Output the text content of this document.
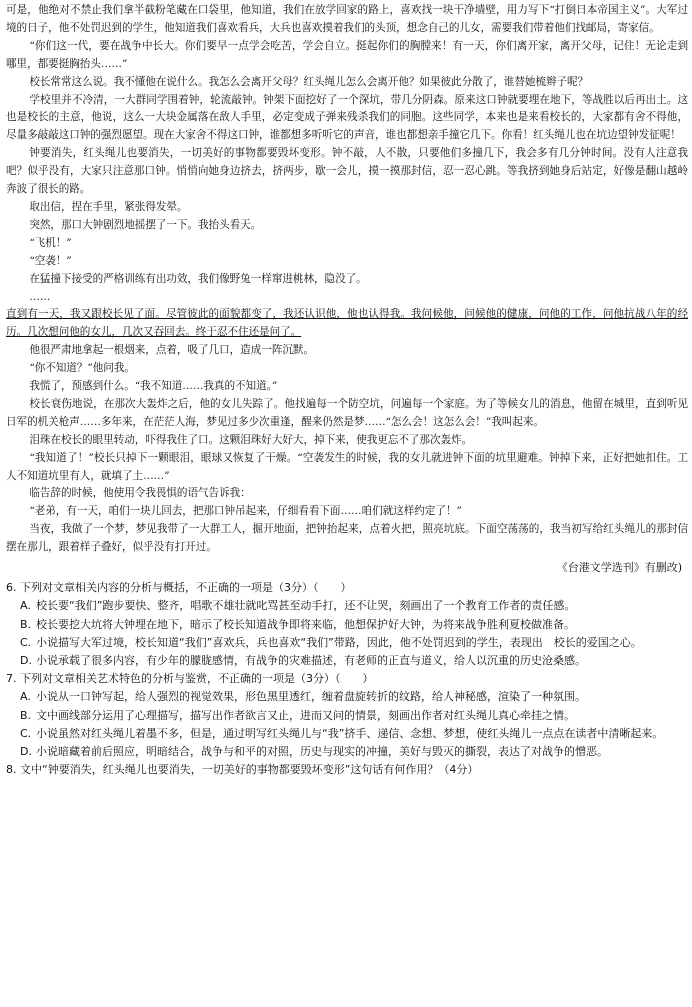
可是，他绝对不禁止我们拿半截粉笔藏在口袋里，他知道，我们在放学回家的路上，喜欢找一块干净墙壁，用力写下“打倒日本帝国主义”。大军过境的日子，他不处罚迟到的学生，他知道我们喜欢看兵，大兵也喜欢摸着我们的头顶，想念自己的儿女，需要我们带着他们找邮局，寄家信。

“你们这一代，要在战争中长大。你们要早一点学会吃苦，学会自立。挺起你们的胸膛来！有一天，你们离开家，离开父母，记住！无论走到哪里，都要挺胸抬头……”

校长常常这么说。我不懂他在说什么。我怎么会离开父母？红头绳儿怎么会离开他？如果彼此分散了，谁替她梳辫子呢？

学校里并不冷清，一大群同学围着钟，轮流敲钟。钟架下面挖好了一个深坑，带几分阴森。原来这口钟就要埋在地下，等战胜以后再出土。这也是校长的主意，他说，这么一大块金属落在敌人手里，必定变成子弹来残杀我们的同胞。这些同学，本来也是来看校长的，大家都有舍不得他，尽量多敲敲这口钟的强烈愿望。现在大家舍不得这口钟，谁都想多听听它的声音，谁也都想亲手撞它几下。你看！红头绳儿也在坑边望钟发征呢！

钟要消失，红头绳儿也要消失，一切美好的事物都要毁坏变形。钟不敲，人不散，只要他们多撞几下，我会多有几分钟时间。没有人注意我吧？似乎没有，大家只注意那口钟。悄悄向她身边挤去，挤两步，歇一会儿，摸一摸那封信，忍一忍心跳。等我挤到她身后站定，好像是翻山越岭奔波了很长的路。

取出信，捏在手里，紧张得发晕。

突然，那口大钟剧烈地摇摆了一下。我抬头看天。

“飞机！”

“空袭！”

在猛撞下接受的严格训练有出功效，我们像野兔一样窜进桃林，隐没了。

……

直到有一天，我又跟校长见了面。尽管彼此的面貌都变了，我还认识他，他也认得我。我问候他，问候他的健康，问他的工作，问他抗战八年的经历。几次想问他的女儿，几次又吞回去。终于忍不住还是问了。

他很严肃地拿起一根烟来，点着，吸了几口，造成一阵沉默。

“你不知道？”他问我。

我慌了，预感到什么。“我不知道……我真的不知道。”

校长衰伤地说，在那次大轰炸之后，他的女儿失踪了。他找遍每一个防空坑，问遍每一个家庭。为了等候女儿的消息，他留在城里，直到听见日军的机关枪声……多年来，在茫茫人海，梦见过多少次重逢，醒来仍然是梦……“怎么会！这怎么会！”我叫起来。

泪珠在校长的眼里转动，吓得我住了口。这颗泪珠好大好大，掉下来，使我更忘不了那次轰炸。

“我知道了！”校长只掉下一颗眼泪，眼球又恢复了干燥。“空袭发生的时候，我的女儿就进钟下面的坑里避难。钟掉下来，正好把她扣住。工人不知道坑里有人，就填了土……”

临告辞的时候，他使用令我畏惧的语气告诉我：

“老弟，有一天，咱们一块儿回去，把那口钟吊起来，仔细看看下面……咱们就这样约定了！”

当夜，我做了一个梦，梦见我带了一大群工人，掘开地面，把钟抬起来，点着火把，照亮坑底。下面空荡荡的，我当初写给红头绳儿的那封信摆在那儿，跟着样子叠好，似乎没有打开过。

《台港文学选刊》有删改)

6. 下列对文章相关内容的分析与概括，不正确的一项是（3分）（　　）

A. 校长要“我们”跑步要快、整齐，唱歌不雄壮就叱骂甚至动手打，还不让哭，刻画出了一个教育工作者的责任感。
B. 校长要挖大坑将大钟埋在地下，暗示了校长知道战争即将来临，他想保护好大钟，为将来战争胜利夏校做准备。
C. 小说描写大军过境，校长知道“我们”喜欢兵，兵也喜欢“我们”带路，因此，他不处罚迟到的学生，表现出　校长的爱国之心。
D. 小说承载了很多内容，有少年的朦胧感情，有战争的灾难描述，有老师的正直与道义，给人以沉重的历史沧桑感。

7. 下列对文章相关艺术特色的分析与鉴赏，不正确的一项是（3分）（　　）

A. 小说从一口钟写起，给人强烈的视觉效果，形色黑里透红，缠着盘旋转折的纹路，给人神秘感，渲染了一种氛围。
B. 文中画线部分运用了心理描写，描写出作者欲言又止，进而又问的情景，刻画出作者对红头绳儿真心牵挂之情。
C. 小说虽然对红头绳儿着墨不多，但是，通过明写红头绳儿与“我”挤手、递信、念想、梦想，使红头绳儿一点点在读者中清晰起来。
D. 小说暗藏着前后照应，明暗结合，战争与和平的对照，历史与现实的冲撞，美好与毁灭的撕裂，表达了对战争的憎恶。

8. 文中“钟要消失，红头绳儿也要消失，一切美好的事物都要毁坏变形”这句话有何作用？（4分）
